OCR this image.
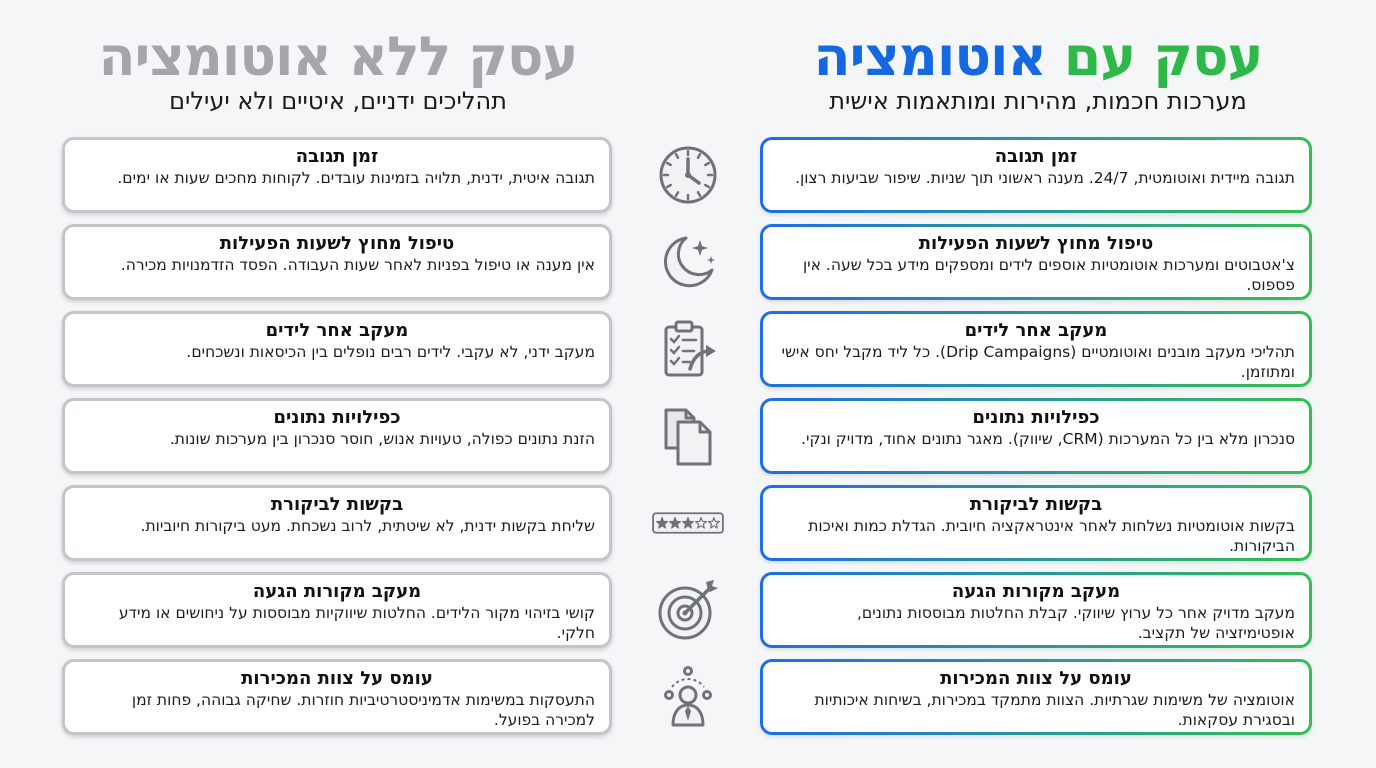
עסק עם אוטומציה
מערכות חכמות, מהירות ומותאמות אישית
זמן תגובה
תגובה מיידית ואוטומטית, 24/7. מענה ראשוני תוך שניות. שיפור שביעות רצון.
טיפול מחוץ לשעות הפעילות
צ'אטבוטים ומערכות אוטומטיות אוספים לידים ומספקים מידע בכל שעה. אין פספוס.
מעקב אחר לידים
תהליכי מעקב מובנים ואוטומטיים (Drip Campaigns). כל ליד מקבל יחס אישי ומתוזמן.
כפילויות נתונים
סנכרון מלא בין כל המערכות (CRM, שיווק). מאגר נתונים אחוד, מדויק ונקי.
בקשות לביקורת
בקשות אוטומטיות נשלחות לאחר אינטראקציה חיובית. הגדלת כמות ואיכות הביקורות.
מעקב מקורות הגעה
מעקב מדויק אחר כל ערוץ שיווקי. קבלת החלטות מבוססות נתונים, אופטימיזציה של תקציב.
עומס על צוות המכירות
אוטומציה של משימות שגרתיות. הצוות מתמקד במכירות, בשיחות איכותיות ובסגירת עסקאות.
עסק ללא אוטומציה
תהליכים ידניים, איטיים ולא יעילים
זמן תגובה
תגובה איטית, ידנית, תלויה בזמינות עובדים. לקוחות מחכים שעות או ימים.
טיפול מחוץ לשעות הפעילות
אין מענה או טיפול בפניות לאחר שעות העבודה. הפסד הזדמנויות מכירה.
מעקב אחר לידים
מעקב ידני, לא עקבי. לידים רבים נופלים בין הכיסאות ונשכחים.
כפילויות נתונים
הזנת נתונים כפולה, טעויות אנוש, חוסר סנכרון בין מערכות שונות.
בקשות לביקורת
שליחת בקשות ידנית, לא שיטתית, לרוב נשכחת. מעט ביקורות חיוביות.
מעקב מקורות הגעה
קושי בזיהוי מקור הלידים. החלטות שיווקיות מבוססות על ניחושים או מידע חלקי.
עומס על צוות המכירות
התעסקות במשימות אדמיניסטרטיביות חוזרות. שחיקה גבוהה, פחות זמן למכירה בפועל.
